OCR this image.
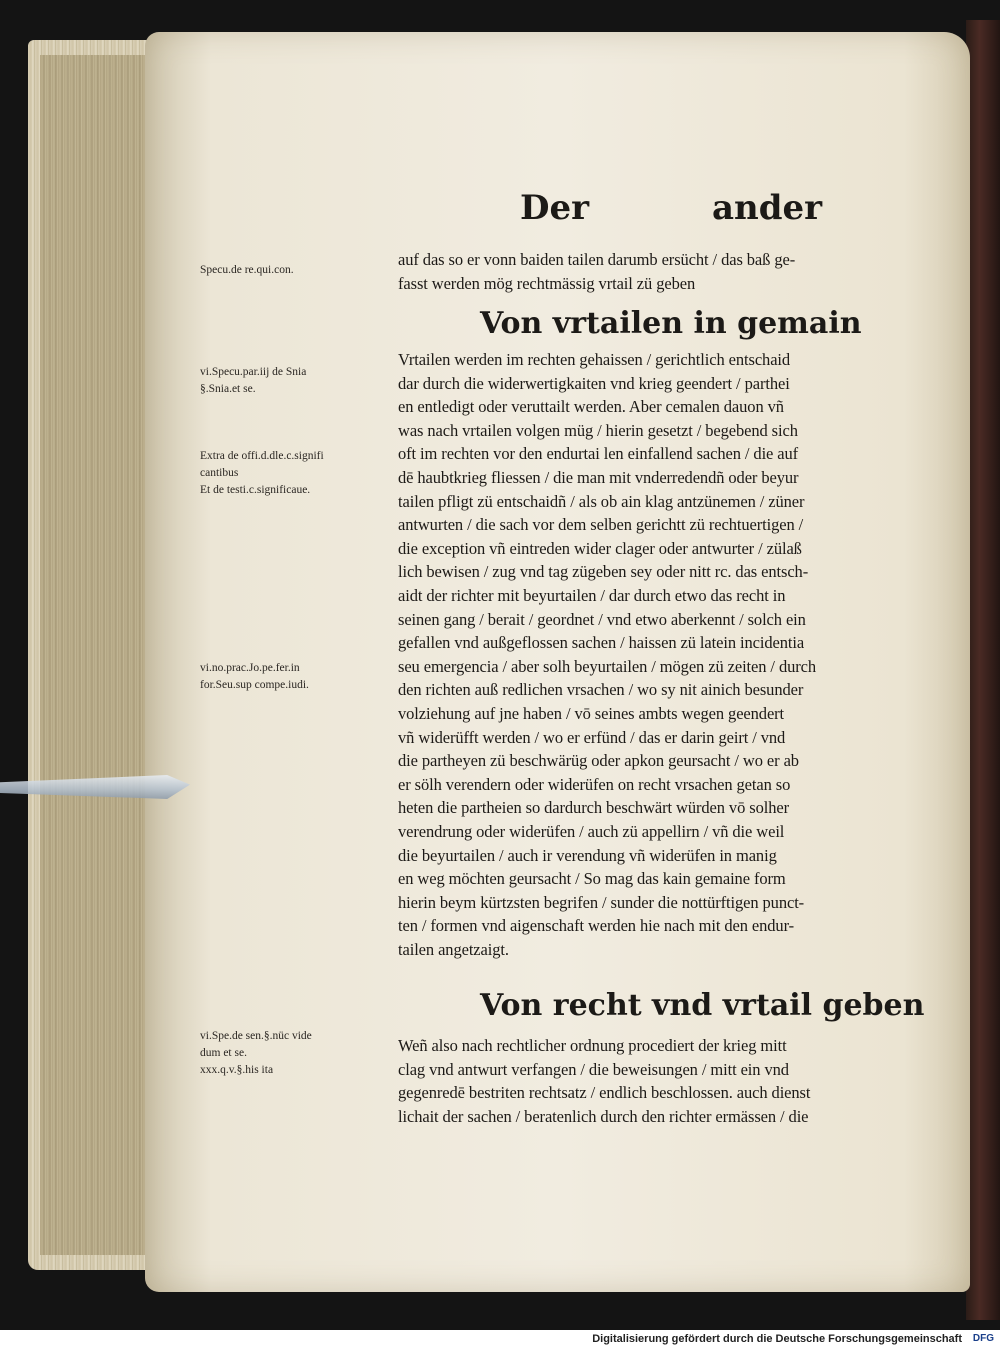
Der	ander
Specu.de re.qui.con.
vi.Specu.par.iij de Snia
§.Snia.et se.
Extra de offi.d.dle.c.signifi
cantibus
Et de testi.c.significaue.
vi.no.prac.Jo.pe.fer.in
for.Seu.sup compe.iudi.
vi.Spe.de sen.§.nüc vide
dum et se.
xxx.q.v.§.his ita
auf das so er vonn baiden tailen darumb ersücht / das baß ge-
fasst werden mög rechtmässig vrtail zü geben
Von vrtailen in gemain
Vrtailen werden im rechten gehaissen / gerichtlich entschaid
dar durch die widerwertigkaiten vnd krieg geendert / parthei
en entledigt oder veruttailt werden. Aber cemalen dauon vñ
was nach vrtailen volgen müg / hierin gesetzt / begebend sich
oft im rechten vor den endurtai len einfallend sachen / die auf
dē haubtkrieg fliessen / die man mit vnderredendñ oder beyur
tailen pfligt zü entschaidñ / als ob ain klag antzünemen / züner
antwurten / die sach vor dem selben gerichtt zü rechtuertigen /
die exception vñ eintreden wider clager oder antwurter / zülaß
lich bewisen / zug vnd tag zügeben sey oder nitt rc. das entsch-
aidt der richter mit beyurtailen / dar durch etwo das recht in
seinen gang / berait / geordnet / vnd etwo aberkennt / solch ein
gefallen vnd außgeflossen sachen / haissen zü latein incidentia
seu emergencia / aber solh beyurtailen / mögen zü zeiten / durch
den richten auß redlichen vrsachen / wo sy nit ainich besunder
volziehung auf jne haben / vō seines ambts wegen geendert
vñ widerüfft werden / wo er erfünd / das er darin geirt / vnd
die partheyen zü beschwärüg oder apkon geursacht / wo er ab
er sölh verendern oder widerüfen on recht vrsachen getan so
heten die partheien so dardurch beschwärt würden vō solher
verendrung oder widerüfen / auch zü appellirn / vñ die weil
die beyurtailen / auch ir verendung vñ widerüfen in manig
en weg möchten geursacht / So mag das kain gemaine form
hierin beym kürtzsten begrifen / sunder die nottürftigen punct-
ten / formen vnd aigenschaft werden hie nach mit den endur-
tailen angetzaigt.
Von recht vnd vrtail geben
Weñ also nach rechtlicher ordnung procediert der krieg mitt
clag vnd antwurt verfangen / die beweisungen / mitt ein vnd
gegenredē bestriten rechtsatz / endlich beschlossen. auch dienst
lichait der sachen / beratenlich durch den richter ermässen / die
Digitalisierung gefördert durch die Deutsche Forschungsgemeinschaft DFG
